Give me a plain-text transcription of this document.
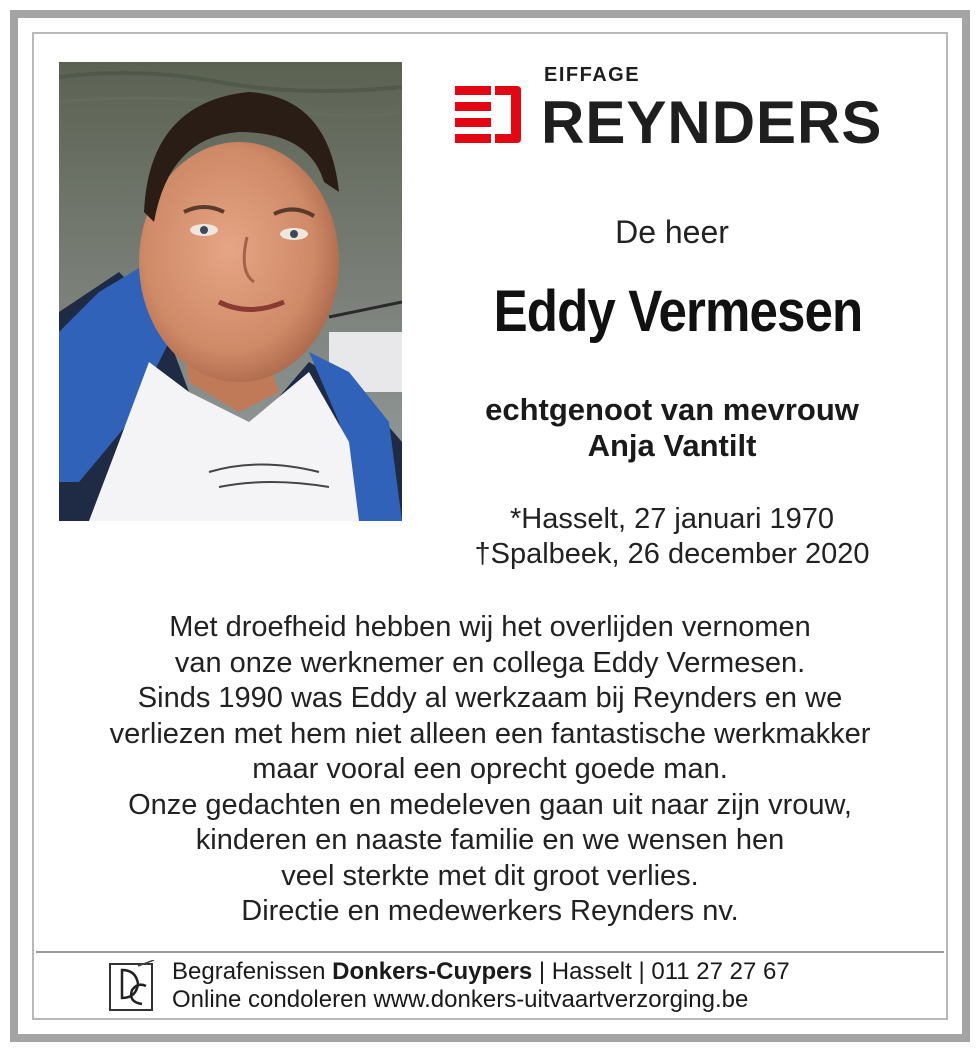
EIFFAGE
REYNDERS
De heer
Eddy Vermesen
echtgenoot van mevrouw
Anja Vantilt
*Hasselt, 27 januari 1970
†Spalbeek, 26 december 2020
Met droefheid hebben wij het overlijden vernomen
van onze werknemer en collega Eddy Vermesen.
Sinds 1990 was Eddy al werkzaam bij Reynders en we
verliezen met hem niet alleen een fantastische werkmakker
maar vooral een oprecht goede man.
Onze gedachten en medeleven gaan uit naar zijn vrouw,
kinderen en naaste familie en we wensen hen
veel sterkte met dit groot verlies.
Directie en medewerkers Reynders nv.
Begrafenissen Donkers-Cuypers | Hasselt | 011 27 27 67
Online condoleren www.donkers-uitvaartverzorging.be
